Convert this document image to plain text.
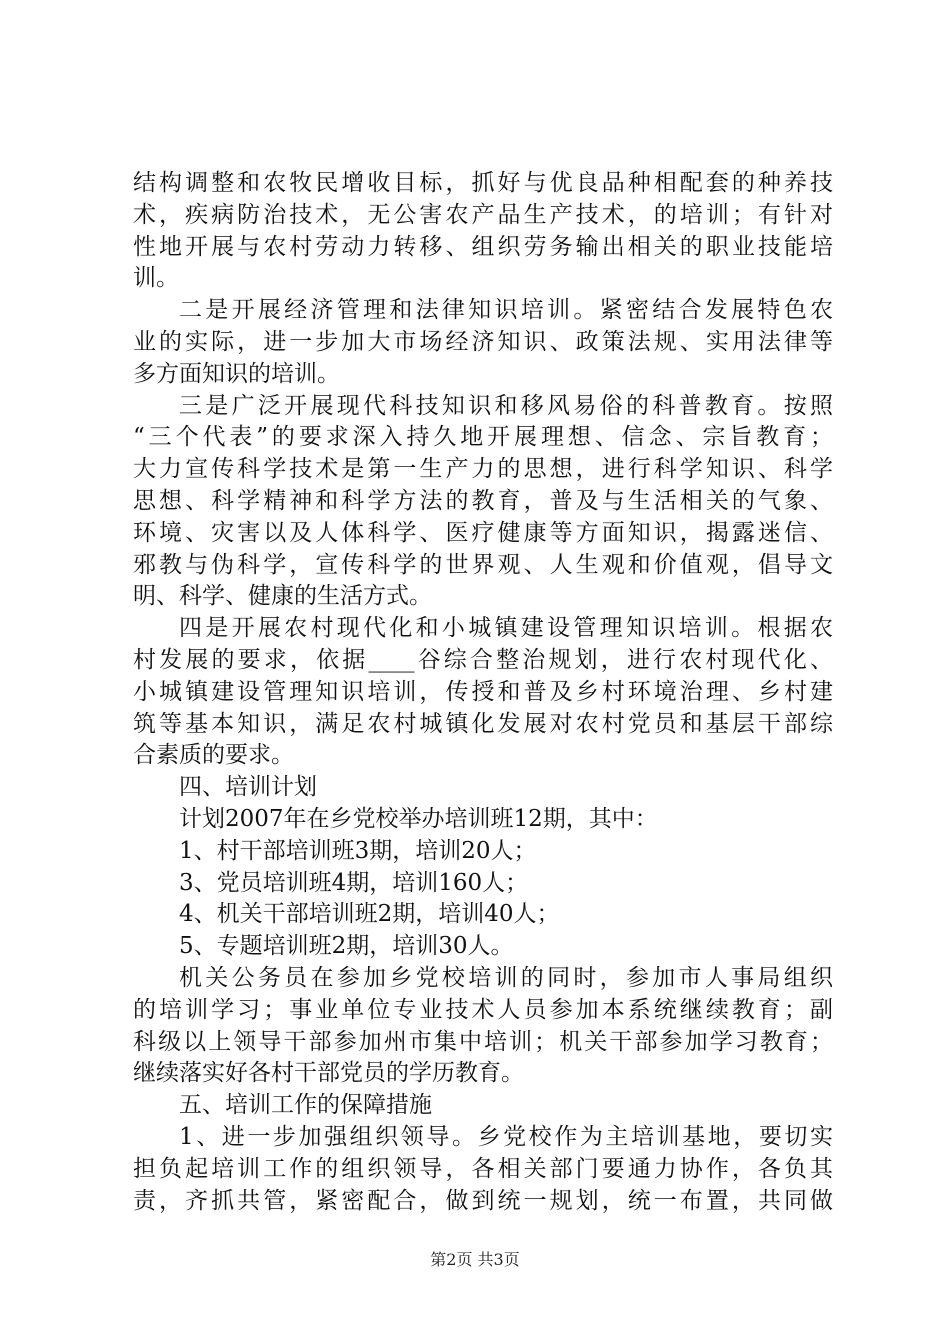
结构调整和农牧民增收目标，抓好与优良品种相配套的种养技
术，疾病防治技术，无公害农产品生产技术，的培训；有针对
性地开展与农村劳动力转移、组织劳务输出相关的职业技能培
训。
二是开展经济管理和法律知识培训。紧密结合发展特色农
业的实际，进一步加大市场经济知识、政策法规、实用法律等
多方面知识的培训。
三是广泛开展现代科技知识和移风易俗的科普教育。按照
“三个代表”的要求深入持久地开展理想、信念、宗旨教育；
大力宣传科学技术是第一生产力的思想，进行科学知识、科学
思想、科学精神和科学方法的教育，普及与生活相关的气象、
环境、灾害以及人体科学、医疗健康等方面知识，揭露迷信、
邪教与伪科学，宣传科学的世界观、人生观和价值观，倡导文
明、科学、健康的生活方式。
四是开展农村现代化和小城镇建设管理知识培训。根据农
村发展的要求，依据____谷综合整治规划，进行农村现代化、
小城镇建设管理知识培训，传授和普及乡村环境治理、乡村建
筑等基本知识，满足农村城镇化发展对农村党员和基层干部综
合素质的要求。
四、培训计划
计划2007年在乡党校举办培训班12期，其中：
1、村干部培训班3期，培训20人；
3、党员培训班4期，培训160人；
4、机关干部培训班2期，培训40人；
5、专题培训班2期，培训30人。
机关公务员在参加乡党校培训的同时，参加市人事局组织
的培训学习；事业单位专业技术人员参加本系统继续教育；副
科级以上领导干部参加州市集中培训；机关干部参加学习教育；
继续落实好各村干部党员的学历教育。
五、培训工作的保障措施
1、进一步加强组织领导。乡党校作为主培训基地，要切实
担负起培训工作的组织领导，各相关部门要通力协作，各负其
责，齐抓共管，紧密配合，做到统一规划，统一布置，共同做
第2页 共3页
